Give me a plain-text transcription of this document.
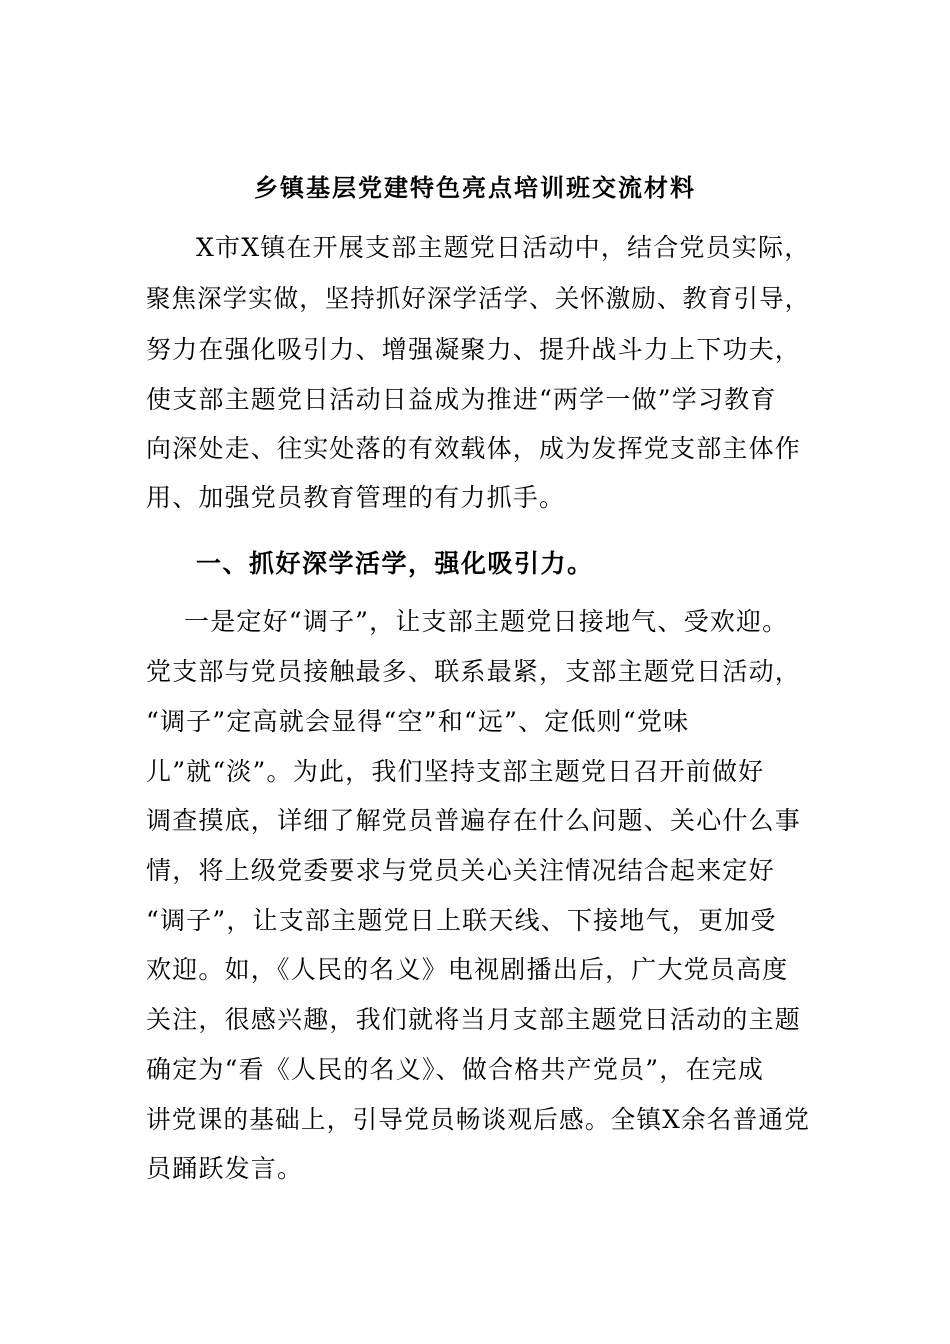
乡镇基层党建特色亮点培训班交流材料
X市X镇在开展支部主题党日活动中，结合党员实际，
聚焦深学实做，坚持抓好深学活学、关怀激励、教育引导，
努力在强化吸引力、增强凝聚力、提升战斗力上下功夫，
使支部主题党日活动日益成为推进“两学一做”学习教育
向深处走、往实处落的有效载体，成为发挥党支部主体作
用、加强党员教育管理的有力抓手。
一、抓好深学活学，强化吸引力。
一是定好“调子”，让支部主题党日接地气、受欢迎。
党支部与党员接触最多、联系最紧，支部主题党日活动，
“调子”定高就会显得“空”和“远”、定低则“党味
儿”就“淡”。为此，我们坚持支部主题党日召开前做好
调查摸底，详细了解党员普遍存在什么问题、关心什么事
情，将上级党委要求与党员关心关注情况结合起来定好
“调子”，让支部主题党日上联天线、下接地气，更加受
欢迎。如，《人民的名义》电视剧播出后，广大党员高度
关注，很感兴趣，我们就将当月支部主题党日活动的主题
确定为“看《人民的名义》、做合格共产党员”，在完成
讲党课的基础上，引导党员畅谈观后感。全镇X余名普通党
员踊跃发言。
